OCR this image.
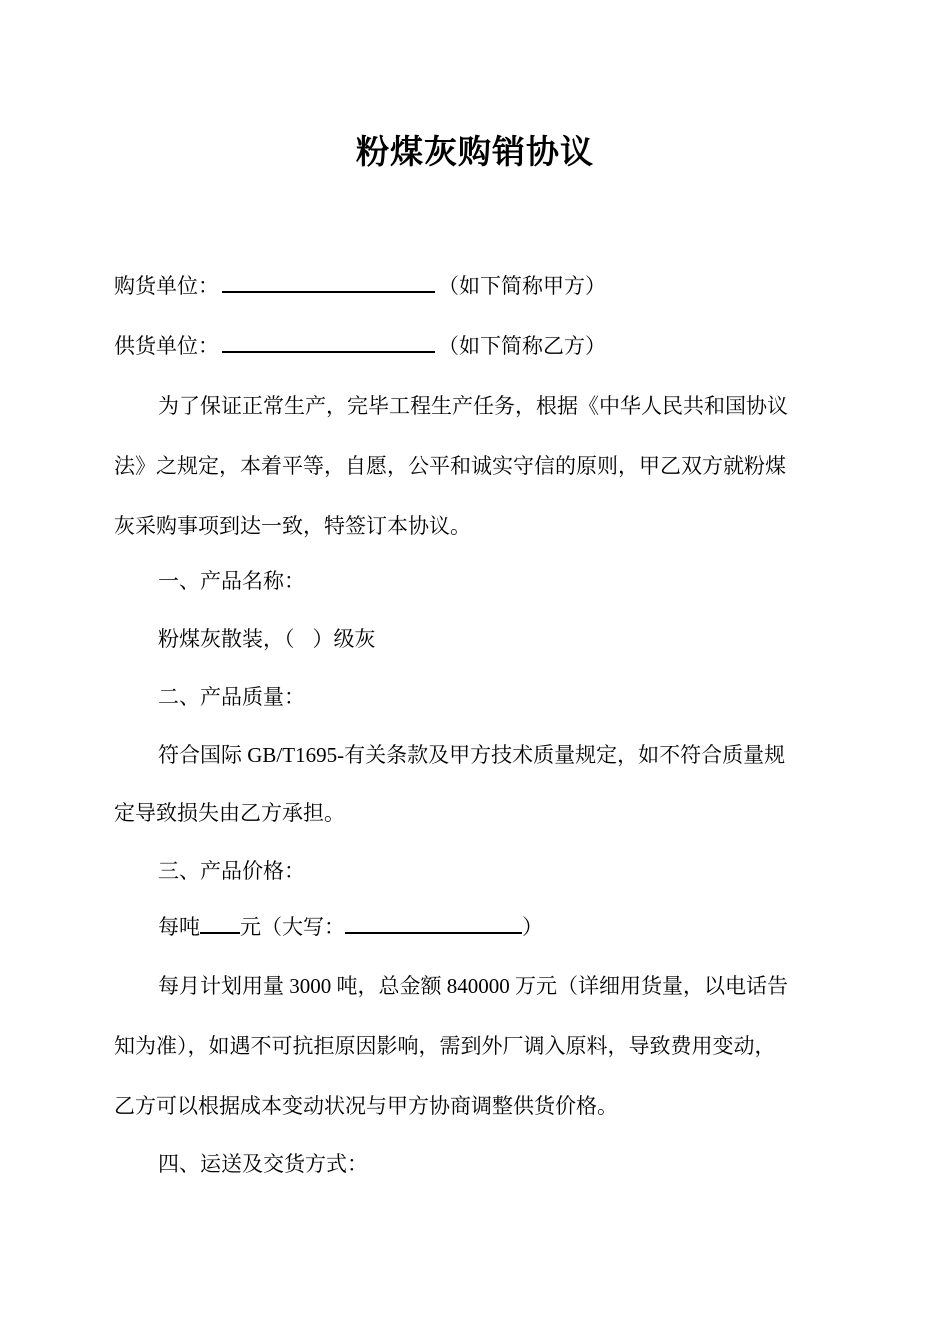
粉煤灰购销协议
购货单位：	（如下简称甲方）
供货单位：	（如下简称乙方）
为了保证正常生产，完毕工程生产任务，根据《中华人民共和国协议
法》之规定，本着平等，自愿，公平和诚实守信的原则，甲乙双方就粉煤
灰采购事项到达一致，特签订本协议。
一、产品名称：
粉煤灰散装，（ ）级灰
二、产品质量：
符合国际 GB/T1695-有关条款及甲方技术质量规定，如不符合质量规
定导致损失由乙方承担。
三、产品价格：
每吨 元（大写：	）
每月计划用量 3000 吨，总金额 840000 万元（详细用货量，以电话告
知为准），如遇不可抗拒原因影响，需到外厂调入原料，导致费用变动，
乙方可以根据成本变动状况与甲方协商调整供货价格。
四、运送及交货方式：
